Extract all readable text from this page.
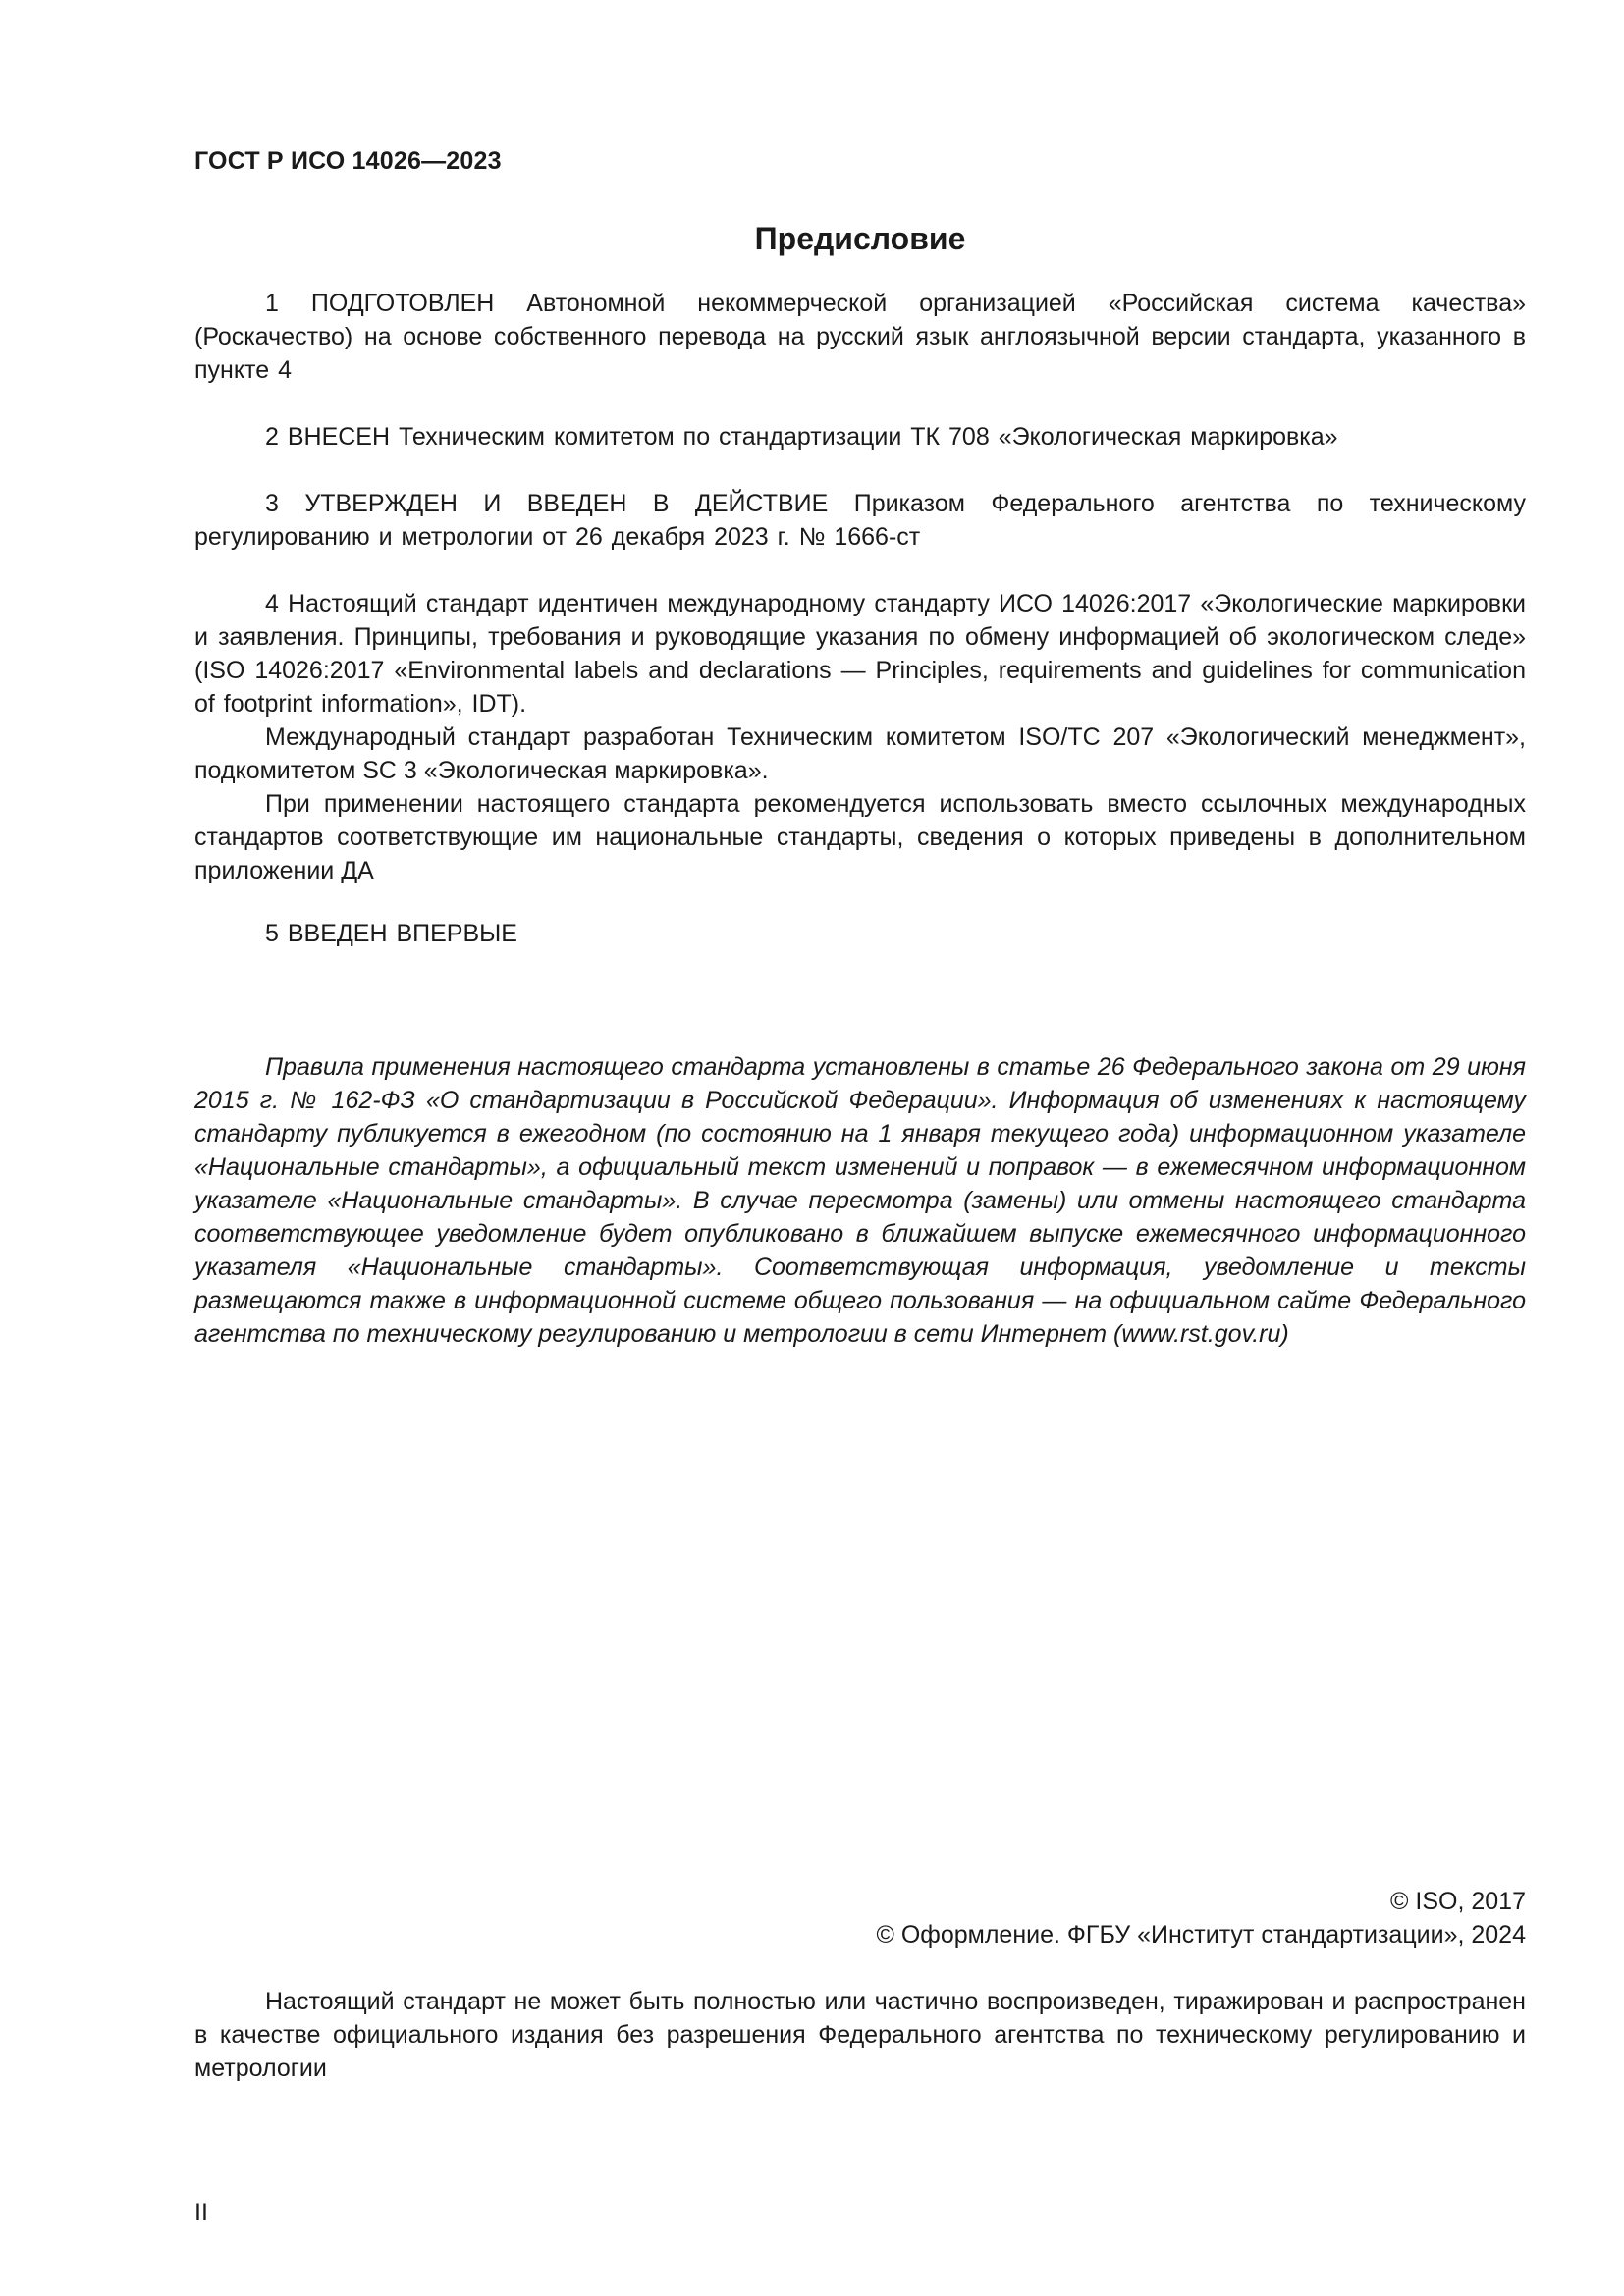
ГОСТ Р ИСО 14026—2023
Предисловие

1 ПОДГОТОВЛЕН Автономной некоммерческой организацией «Российская система качества» (Роскачество) на основе собственного перевода на русский язык англоязычной версии стандарта, указанного в пункте 4

2 ВНЕСЕН Техническим комитетом по стандартизации ТК 708 «Экологическая маркировка»

3 УТВЕРЖДЕН И ВВЕДЕН В ДЕЙСТВИЕ Приказом Федерального агентства по техническому регулированию и метрологии от 26 декабря 2023 г. № 1666-ст

4 Настоящий стандарт идентичен международному стандарту ИСО 14026:2017 «Экологические маркировки и заявления. Принципы, требования и руководящие указания по обмену информацией об экологическом следе» (ISO 14026:2017 «Environmental labels and declarations — Principles, requirements and guidelines for communication of footprint information», IDT).

Международный стандарт разработан Техническим комитетом ISO/TC 207 «Экологический менеджмент», подкомитетом SC 3 «Экологическая маркировка».

При применении настоящего стандарта рекомендуется использовать вместо ссылочных международных стандартов соответствующие им национальные стандарты, сведения о которых приведены в дополнительном приложении ДА

5 ВВЕДЕН ВПЕРВЫЕ

Правила применения настоящего стандарта установлены в статье 26 Федерального закона от 29 июня 2015 г. № 162-ФЗ «О стандартизации в Российской Федерации». Информация об изменениях к настоящему стандарту публикуется в ежегодном (по состоянию на 1 января текущего года) информационном указателе «Национальные стандарты», а официальный текст изменений и поправок — в ежемесячном информационном указателе «Национальные стандарты». В случае пересмотра (замены) или отмены настоящего стандарта соответствующее уведомление будет опубликовано в ближайшем выпуске ежемесячного информационного указателя «Национальные стандарты». Соответствующая информация, уведомление и тексты размещаются также в информационной системе общего пользования — на официальном сайте Федерального агентства по техническому регулированию и метрологии в сети Интернет (www.rst.gov.ru)

© ISO, 2017
© Оформление. ФГБУ «Институт стандартизации», 2024

Настоящий стандарт не может быть полностью или частично воспроизведен, тиражирован и распространен в качестве официального издания без разрешения Федерального агентства по техническому регулированию и метрологии

II
